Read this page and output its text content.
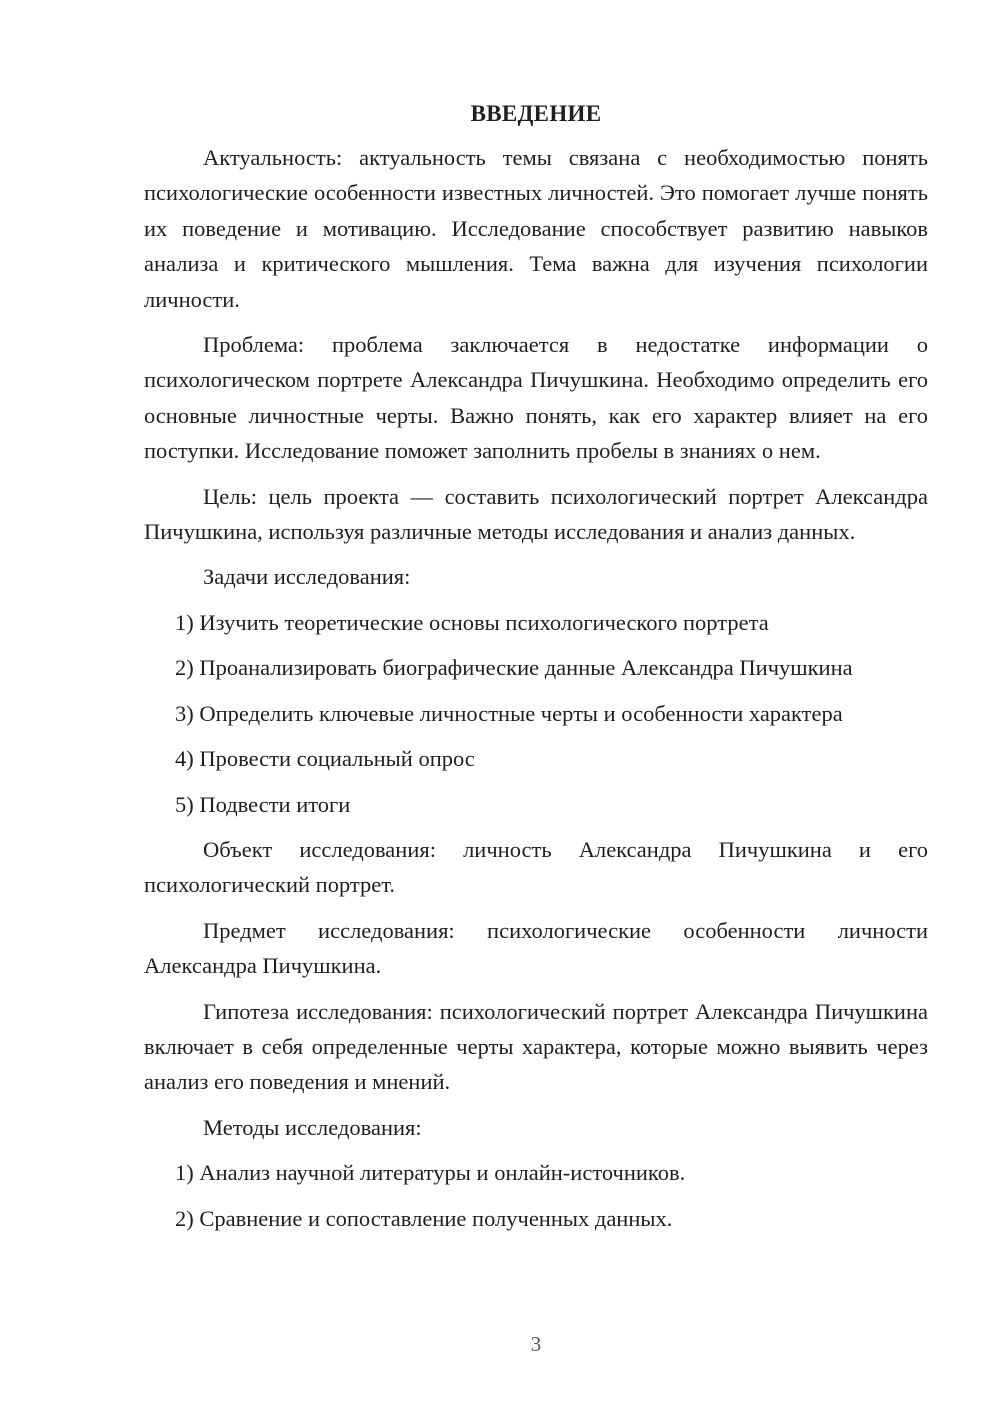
ВВЕДЕНИЕ

Актуальность: актуальность темы связана с необходимостью понять психологические особенности известных личностей. Это помогает лучше понять их поведение и мотивацию. Исследование способствует развитию навыков анализа и критического мышления. Тема важна для изучения психологии личности.

Проблема: проблема заключается в недостатке информации о психологическом портрете Александра Пичушкина. Необходимо определить его основные личностные черты. Важно понять, как его характер влияет на его поступки. Исследование поможет заполнить пробелы в знаниях о нем.

Цель: цель проекта — составить психологический портрет Александра Пичушкина, используя различные методы исследования и анализ данных.

Задачи исследования:

1) Изучить теоретические основы психологического портрета

2) Проанализировать биографические данные Александра Пичушкина

3) Определить ключевые личностные черты и особенности характера

4) Провести социальный опрос

5) Подвести итоги

Объект исследования: личность Александра Пичушкина и его психологический портрет.

Предмет исследования: психологические особенности личности Александра Пичушкина.

Гипотеза исследования: психологический портрет Александра Пичушкина включает в себя определенные черты характера, которые можно выявить через анализ его поведения и мнений.

Методы исследования:

1) Анализ научной литературы и онлайн-источников.

2) Сравнение и сопоставление полученных данных.

3
